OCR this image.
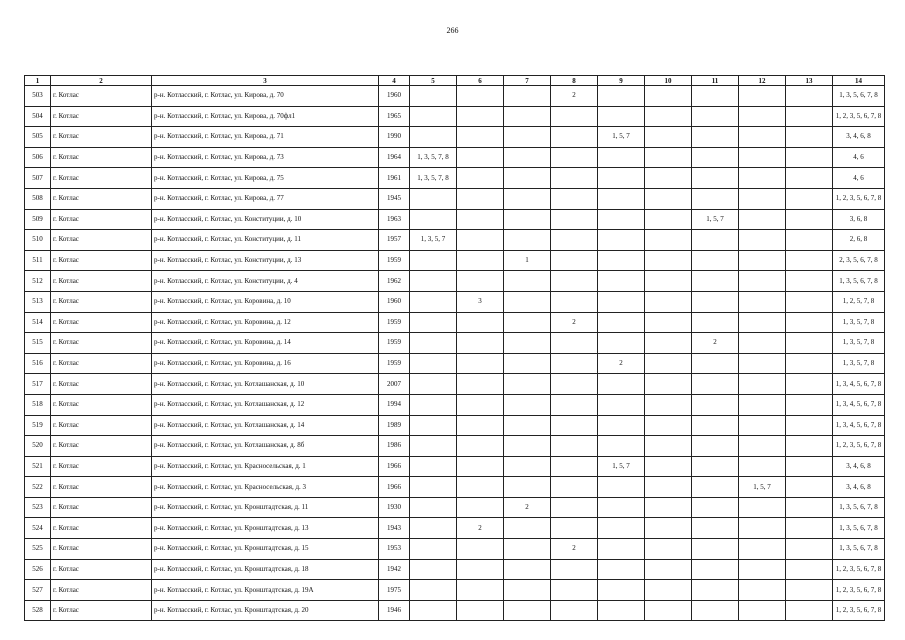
266
1	2	3	4	5	6	7	8	9	10	11	12	13	14
503	г. Котлас	р-н. Котласский, г. Котлас, ул. Кирова, д. 70	1960				2						1, 3, 5, 6, 7, 8
504	г. Котлас	р-н. Котласский, г. Котлас, ул. Кирова, д. 70фл1	1965										1, 2, 3, 5, 6, 7, 8
505	г. Котлас	р-н. Котласский, г. Котлас, ул. Кирова, д. 71	1990					1, 5, 7					3, 4, 6, 8
506	г. Котлас	р-н. Котласский, г. Котлас, ул. Кирова, д. 73	1964	1, 3, 5, 7, 8									4, 6
507	г. Котлас	р-н. Котласский, г. Котлас, ул. Кирова, д. 75	1961	1, 3, 5, 7, 8									4, 6
508	г. Котлас	р-н. Котласский, г. Котлас, ул. Кирова, д. 77	1945										1, 2, 3, 5, 6, 7, 8
509	г. Котлас	р-н. Котласский, г. Котлас, ул. Конституции, д. 10	1963							1, 5, 7			3, 6, 8
510	г. Котлас	р-н. Котласский, г. Котлас, ул. Конституции, д. 11	1957	1, 3, 5, 7									2, 6, 8
511	г. Котлас	р-н. Котласский, г. Котлас, ул. Конституции, д. 13	1959			1							2, 3, 5, 6, 7, 8
512	г. Котлас	р-н. Котласский, г. Котлас, ул. Конституции, д. 4	1962										1, 3, 5, 6, 7, 8
513	г. Котлас	р-н. Котласский, г. Котлас, ул. Коровина, д. 10	1960		3								1, 2, 5, 7, 8
514	г. Котлас	р-н. Котласский, г. Котлас, ул. Коровина, д. 12	1959				2						1, 3, 5, 7, 8
515	г. Котлас	р-н. Котласский, г. Котлас, ул. Коровина, д. 14	1959							2			1, 3, 5, 7, 8
516	г. Котлас	р-н. Котласский, г. Котлас, ул. Коровина, д. 16	1959					2					1, 3, 5, 7, 8
517	г. Котлас	р-н. Котласский, г. Котлас, ул. Котлашанская, д. 10	2007										1, 3, 4, 5, 6, 7, 8
518	г. Котлас	р-н. Котласский, г. Котлас, ул. Котлашанская, д. 12	1994										1, 3, 4, 5, 6, 7, 8
519	г. Котлас	р-н. Котласский, г. Котлас, ул. Котлашанская, д. 14	1989										1, 3, 4, 5, 6, 7, 8
520	г. Котлас	р-н. Котласский, г. Котлас, ул. Котлашанская, д. 8б	1986										1, 2, 3, 5, 6, 7, 8
521	г. Котлас	р-н. Котласский, г. Котлас, ул. Красноcельская, д. 1	1966					1, 5, 7					3, 4, 6, 8
522	г. Котлас	р-н. Котласский, г. Котлас, ул. Красносельская, д. 3	1966								1, 5, 7		3, 4, 6, 8
523	г. Котлас	р-н. Котласский, г. Котлас, ул. Кронштадтская, д. 11	1930			2							1, 3, 5, 6, 7, 8
524	г. Котлас	р-н. Котласский, г. Котлас, ул. Кронштадтская, д. 13	1943		2								1, 3, 5, 6, 7, 8
525	г. Котлас	р-н. Котласский, г. Котлас, ул. Кронштадтская, д. 15	1953				2						1, 3, 5, 6, 7, 8
526	г. Котлас	р-н. Котласский, г. Котлас, ул. Кронштадтская, д. 18	1942										1, 2, 3, 5, 6, 7, 8
527	г. Котлас	р-н. Котласский, г. Котлас, ул. Кронштадтская, д. 19А	1975										1, 2, 3, 5, 6, 7, 8
528	г. Котлас	р-н. Котласский, г. Котлас, ул. Кронштадтская, д. 20	1946										1, 2, 3, 5, 6, 7, 8
